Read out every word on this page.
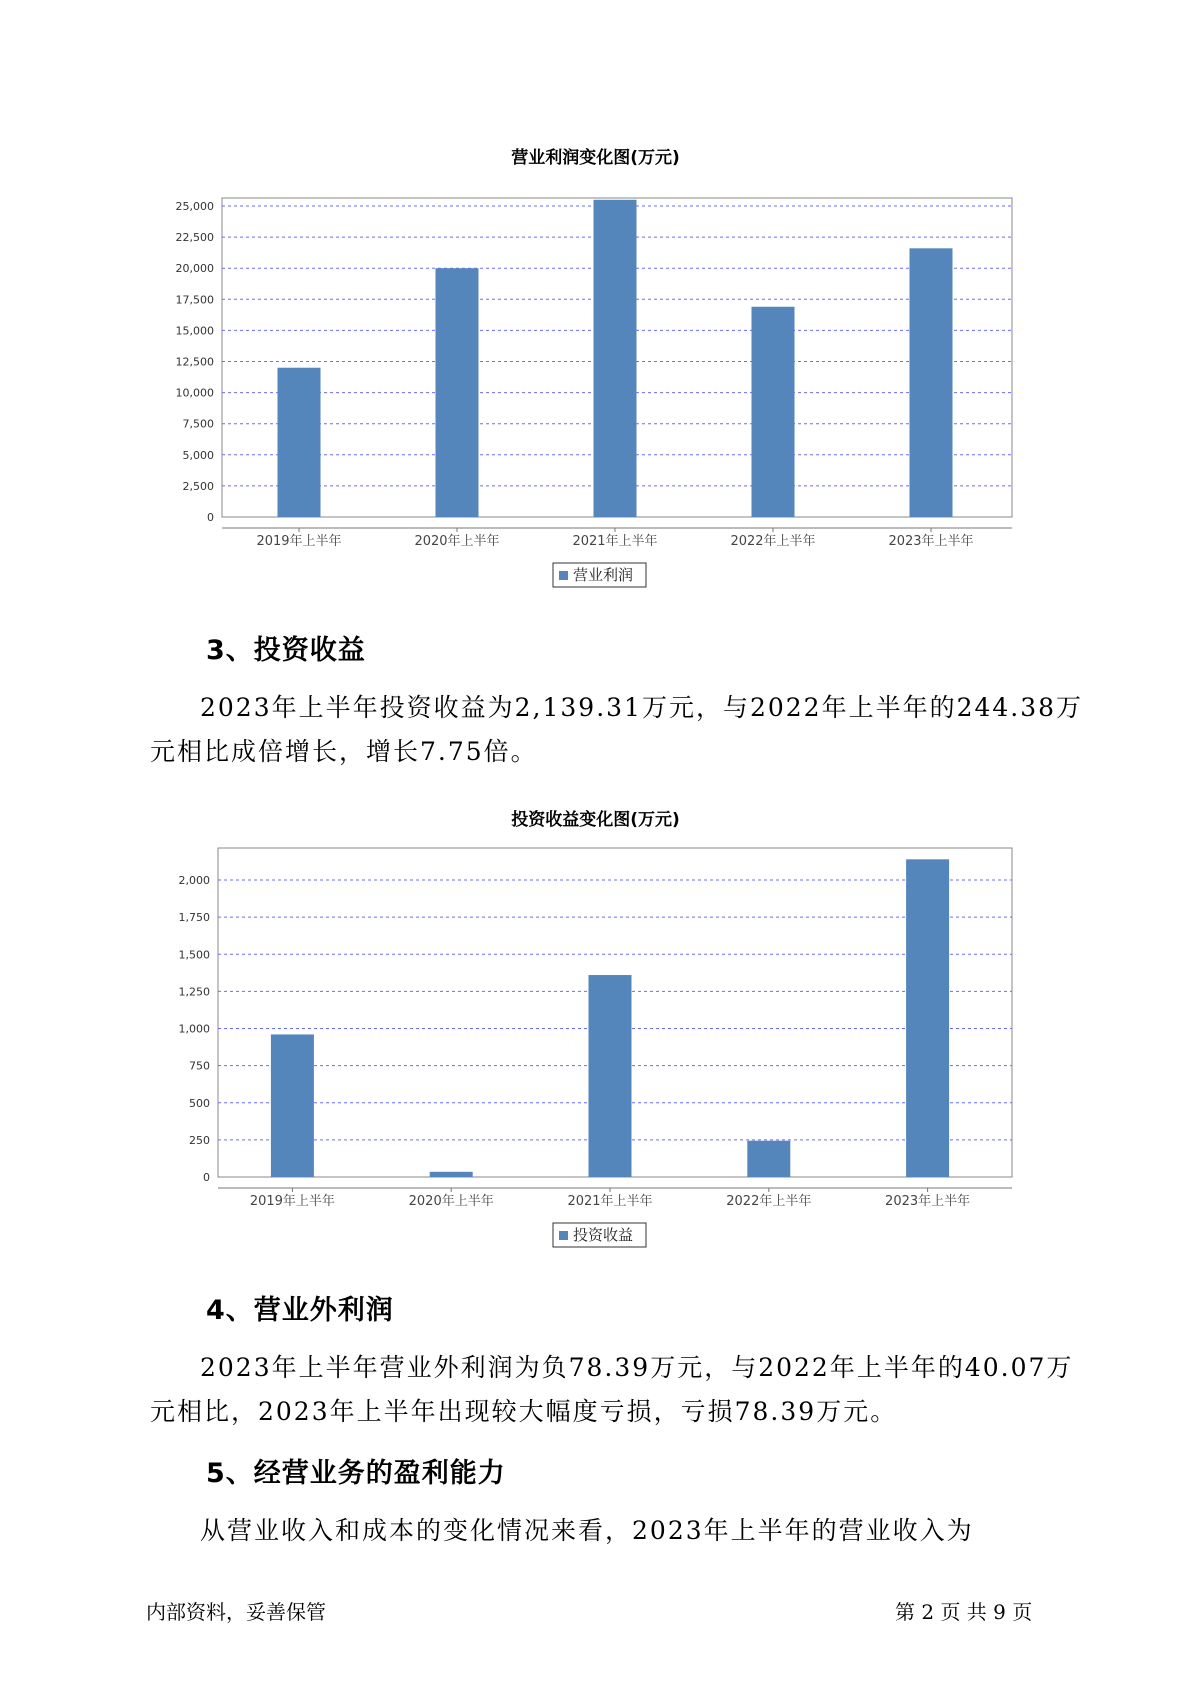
营业利润变化图(万元)
0
2,500
5,000
7,500
10,000
12,500
15,000
17,500
20,000
22,500
25,000
2019年上半年	2020年上半年	2021年上半年	2022年上半年	2023年上半年
营业利润
3、投资收益
2023年上半年投资收益为2,139.31万元，与2022年上半年的244.38万
元相比成倍增长，增长7.75倍。
投资收益变化图(万元)
0
250
500
750
1,000
1,250
1,500
1,750
2,000
2019年上半年	2020年上半年	2021年上半年	2022年上半年	2023年上半年
投资收益
4、营业外利润
2023年上半年营业外利润为负78.39万元，与2022年上半年的40.07万
元相比，2023年上半年出现较大幅度亏损，亏损78.39万元。
5、经营业务的盈利能力
从营业收入和成本的变化情况来看，2023年上半年的营业收入为
内部资料，妥善保管	第 2 页 共 9 页
